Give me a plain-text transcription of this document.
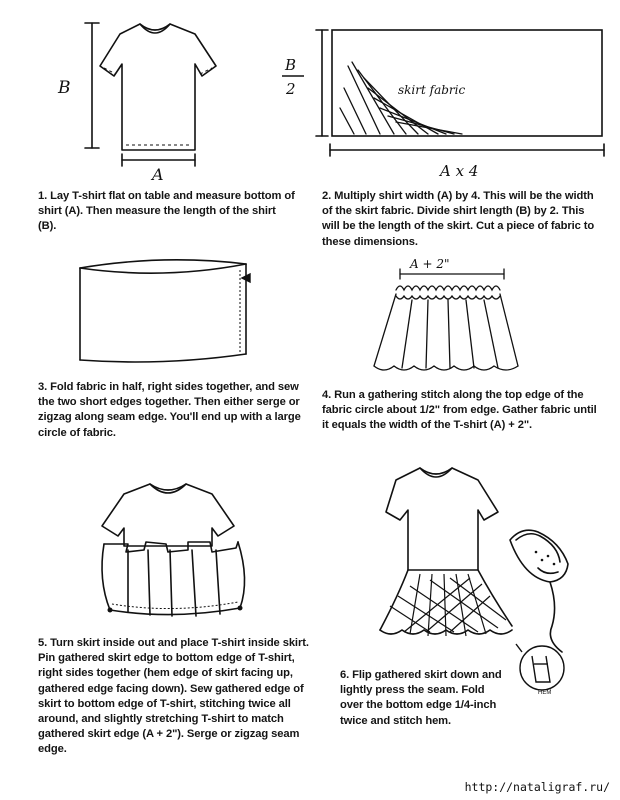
B
A
B
2	skirt fabric
A x 4
1. Lay T-shirt flat on table and measure bottom of shirt (A). Then measure the length of the shirt (B).
2. Multiply shirt width (A) by 4. This will be the width of the skirt fabric. Divide shirt length (B) by 2. This will be the length of the skirt. Cut a piece of fabric to these dimensions.
A + 2"
3. Fold fabric in half, right sides together, and sew the two short edges together. Then either serge or zigzag along seam edge. You'll end up with a large circle of fabric.
4. Run a gathering stitch along the top edge of the fabric circle about 1/2" from edge. Gather fabric until it equals the width of the T-shirt (A) + 2".
HEM
5. Turn skirt inside out and place T-shirt inside skirt. Pin gathered skirt edge to bottom edge of T-shirt, right sides together (hem edge of skirt facing up, gathered edge facing down). Sew gathered edge of skirt to bottom edge of T-shirt, stitching twice all around, and slightly stretching T-shirt to match gathered skirt edge (A + 2"). Serge or zigzag seam edge.
6. Flip gathered skirt down and lightly press the seam. Fold over the bottom edge 1/4-inch twice and stitch hem.
http://nataligraf.ru/
